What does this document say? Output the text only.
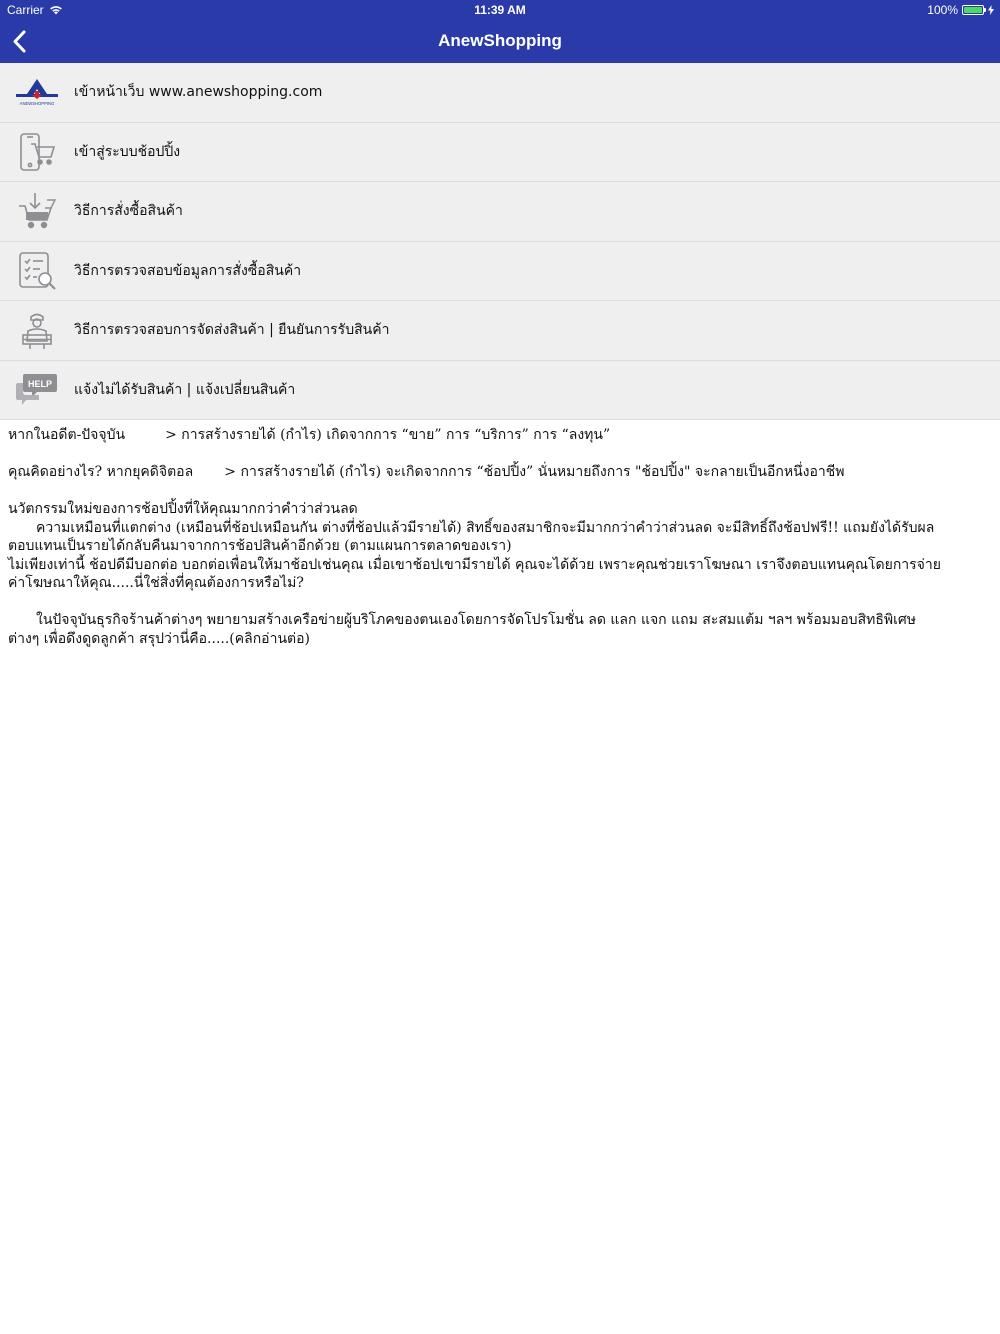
Carrier	11:39 AM	100%
AnewShopping
ANEWSHOPPING
เข้าหน้าเว็บ www.anewshopping.com
เข้าสู่ระบบช้อปปิ้ง
วิธีการสั่งซื้อสินค้า
วิธีการตรวจสอบข้อมูลการสั่งซื้อสินค้า
วิธีการตรวจสอบการจัดส่งสินค้า | ยืนยันการรับสินค้า
HELP แจ้งไม่ได้รับสินค้า | แจ้งเปลี่ยนสินค้า
หากในอดีต-ปัจจุบัน         > การสร้างรายได้ (กำไร) เกิดจากการ “ขาย” การ “บริการ” การ “ลงทุน”
คุณคิดอย่างไร? หากยุคดิจิตอล       > การสร้างรายได้ (กำไร) จะเกิดจากการ “ช้อปปิ้ง” นั่นหมายถึงการ "ช้อปปิ้ง" จะกลายเป็นอีกหนึ่งอาชีพ
นวัตกรรมใหม่ของการช้อปปิ้งที่ให้คุณมากกว่าคำว่าส่วนลด
ความเหมือนที่แตกต่าง (เหมือนที่ช้อปเหมือนกัน ต่างที่ช้อปแล้วมีรายได้) สิทธิ์ของสมาชิกจะมีมากกว่าคำว่าส่วนลด จะมีสิทธิ์ถึงช้อปฟรี!! แถมยังได้รับผล
ตอบแทนเป็นรายได้กลับคืนมาจากการช้อปสินค้าอีกด้วย (ตามแผนการตลาดของเรา)
ไม่เพียงเท่านี้ ช้อปดีมีบอกต่อ บอกต่อเพื่อนให้มาช้อปเช่นคุณ เมื่อเขาช้อปเขามีรายได้ คุณจะได้ด้วย เพราะคุณช่วยเราโฆษณา เราจึงตอบแทนคุณโดยการจ่าย
ค่าโฆษณาให้คุณ.....นี่ใช่สิ่งที่คุณต้องการหรือไม่?
ในปัจจุบันธุรกิจร้านค้าต่างๆ พยายามสร้างเครือข่ายผู้บริโภคของตนเองโดยการจัดโปรโมชั่น ลด แลก แจก แถม สะสมแต้ม ฯลฯ พร้อมมอบสิทธิพิเศษ
ต่างๆ เพื่อดึงดูดลูกค้า สรุปว่านี่คือ.....(คลิกอ่านต่อ)
